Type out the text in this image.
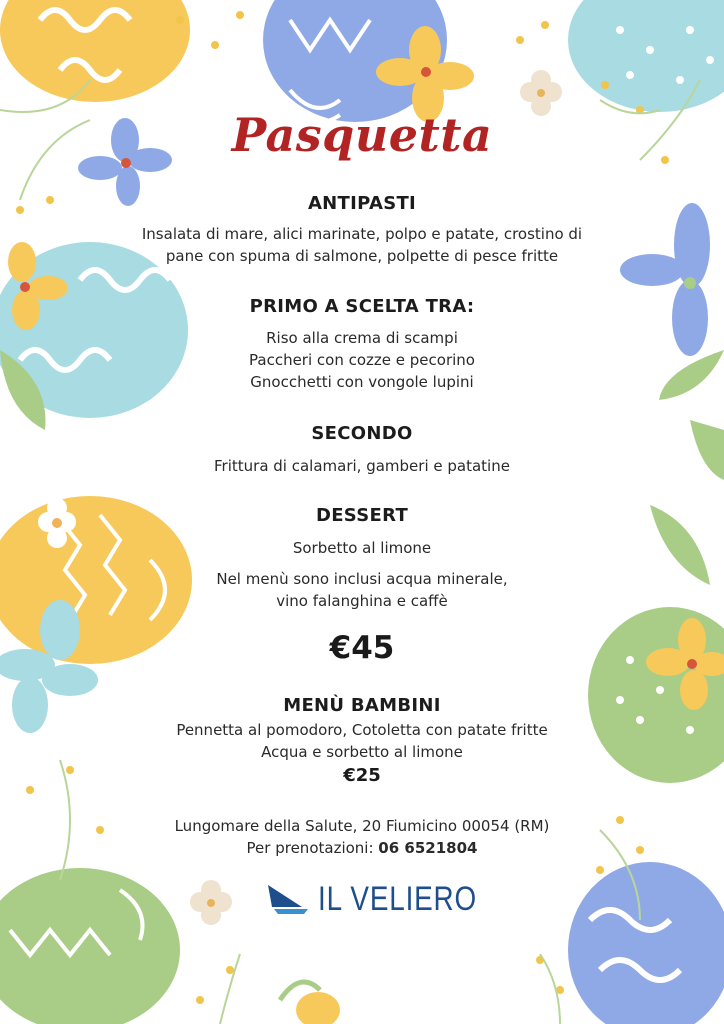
Pasquetta
ANTIPASTI
Insalata di mare, alici marinate, polpo e patate, crostino di
pane con spuma di salmone, polpette di pesce fritte
PRIMO A SCELTA TRA:
Riso alla crema di scampi
Paccheri con cozze e pecorino
Gnocchetti con vongole lupini
SECONDO
Frittura di calamari, gamberi e patatine
DESSERT
Sorbetto al limone
Nel menù sono inclusi acqua minerale,
vino falanghina e caffè
€45
MENÙ BAMBINI
Pennetta al pomodoro, Cotoletta con patate fritte
Acqua e sorbetto al limone
€25
Lungomare della Salute, 20 Fiumicino 00054 (RM)
Per prenotazioni: 06 6521804
IL VELIERO
